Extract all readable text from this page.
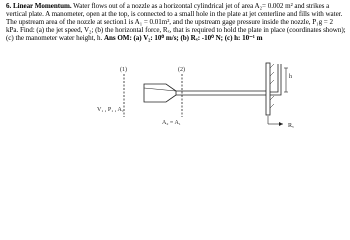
6. Linear Momentum. Water flows out of a nozzle as a horizontal cylindrical jet of area A₂= 0.002 m² and strikes a vertical plate. A manometer, open at the top, is connected to a small hole in the plate at jet centerline and fills with water. The upstream area of the nozzle at section1 is A₁ = 0.01m², and the upstream gage pressure inside the nozzle, P₁g = 2 kPa. Find: (a) the jet speed, V₂; (b) the horizontal force, Rₓ, that is required to hold the plate in place (coordinates shown); (c) the manometer water height, h. Ans OM: (a) V₂: 10⁰ m/s; (b) Rₓ: -10⁰ N; (c) h: 10⁻¹ m
(1)	(2)
h
Rₓ
V₁ , P₁ , A₁
A₂ = A₁
